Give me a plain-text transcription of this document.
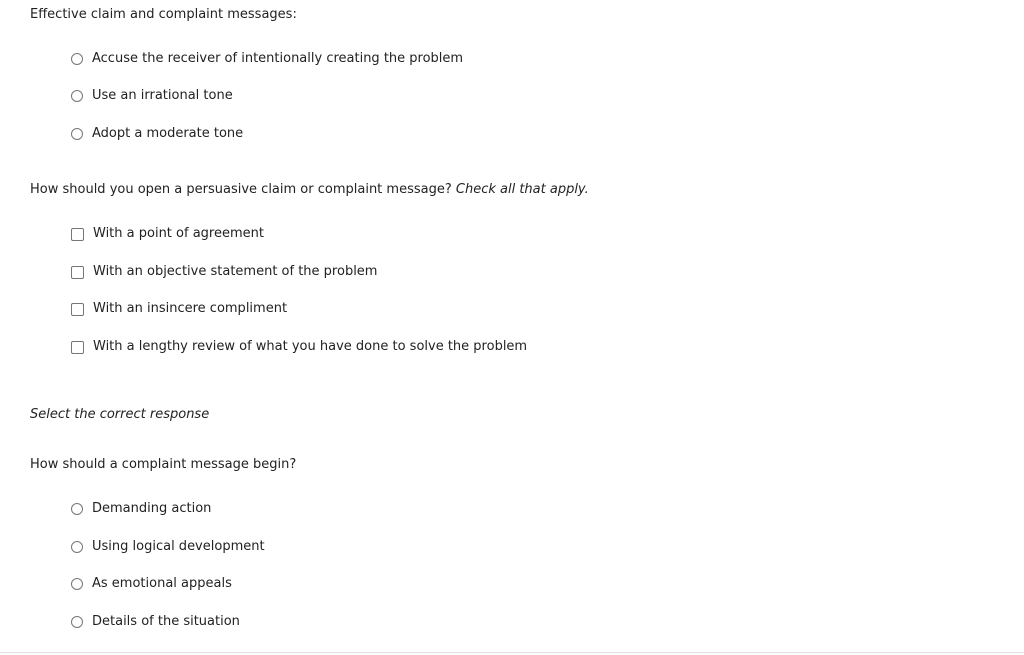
Effective claim and complaint messages:
Accuse the receiver of intentionally creating the problem
Use an irrational tone
Adopt a moderate tone
How should you open a persuasive claim or complaint message? Check all that apply.
With a point of agreement
With an objective statement of the problem
With an insincere compliment
With a lengthy review of what you have done to solve the problem
Select the correct response
How should a complaint message begin?
Demanding action
Using logical development
As emotional appeals
Details of the situation
